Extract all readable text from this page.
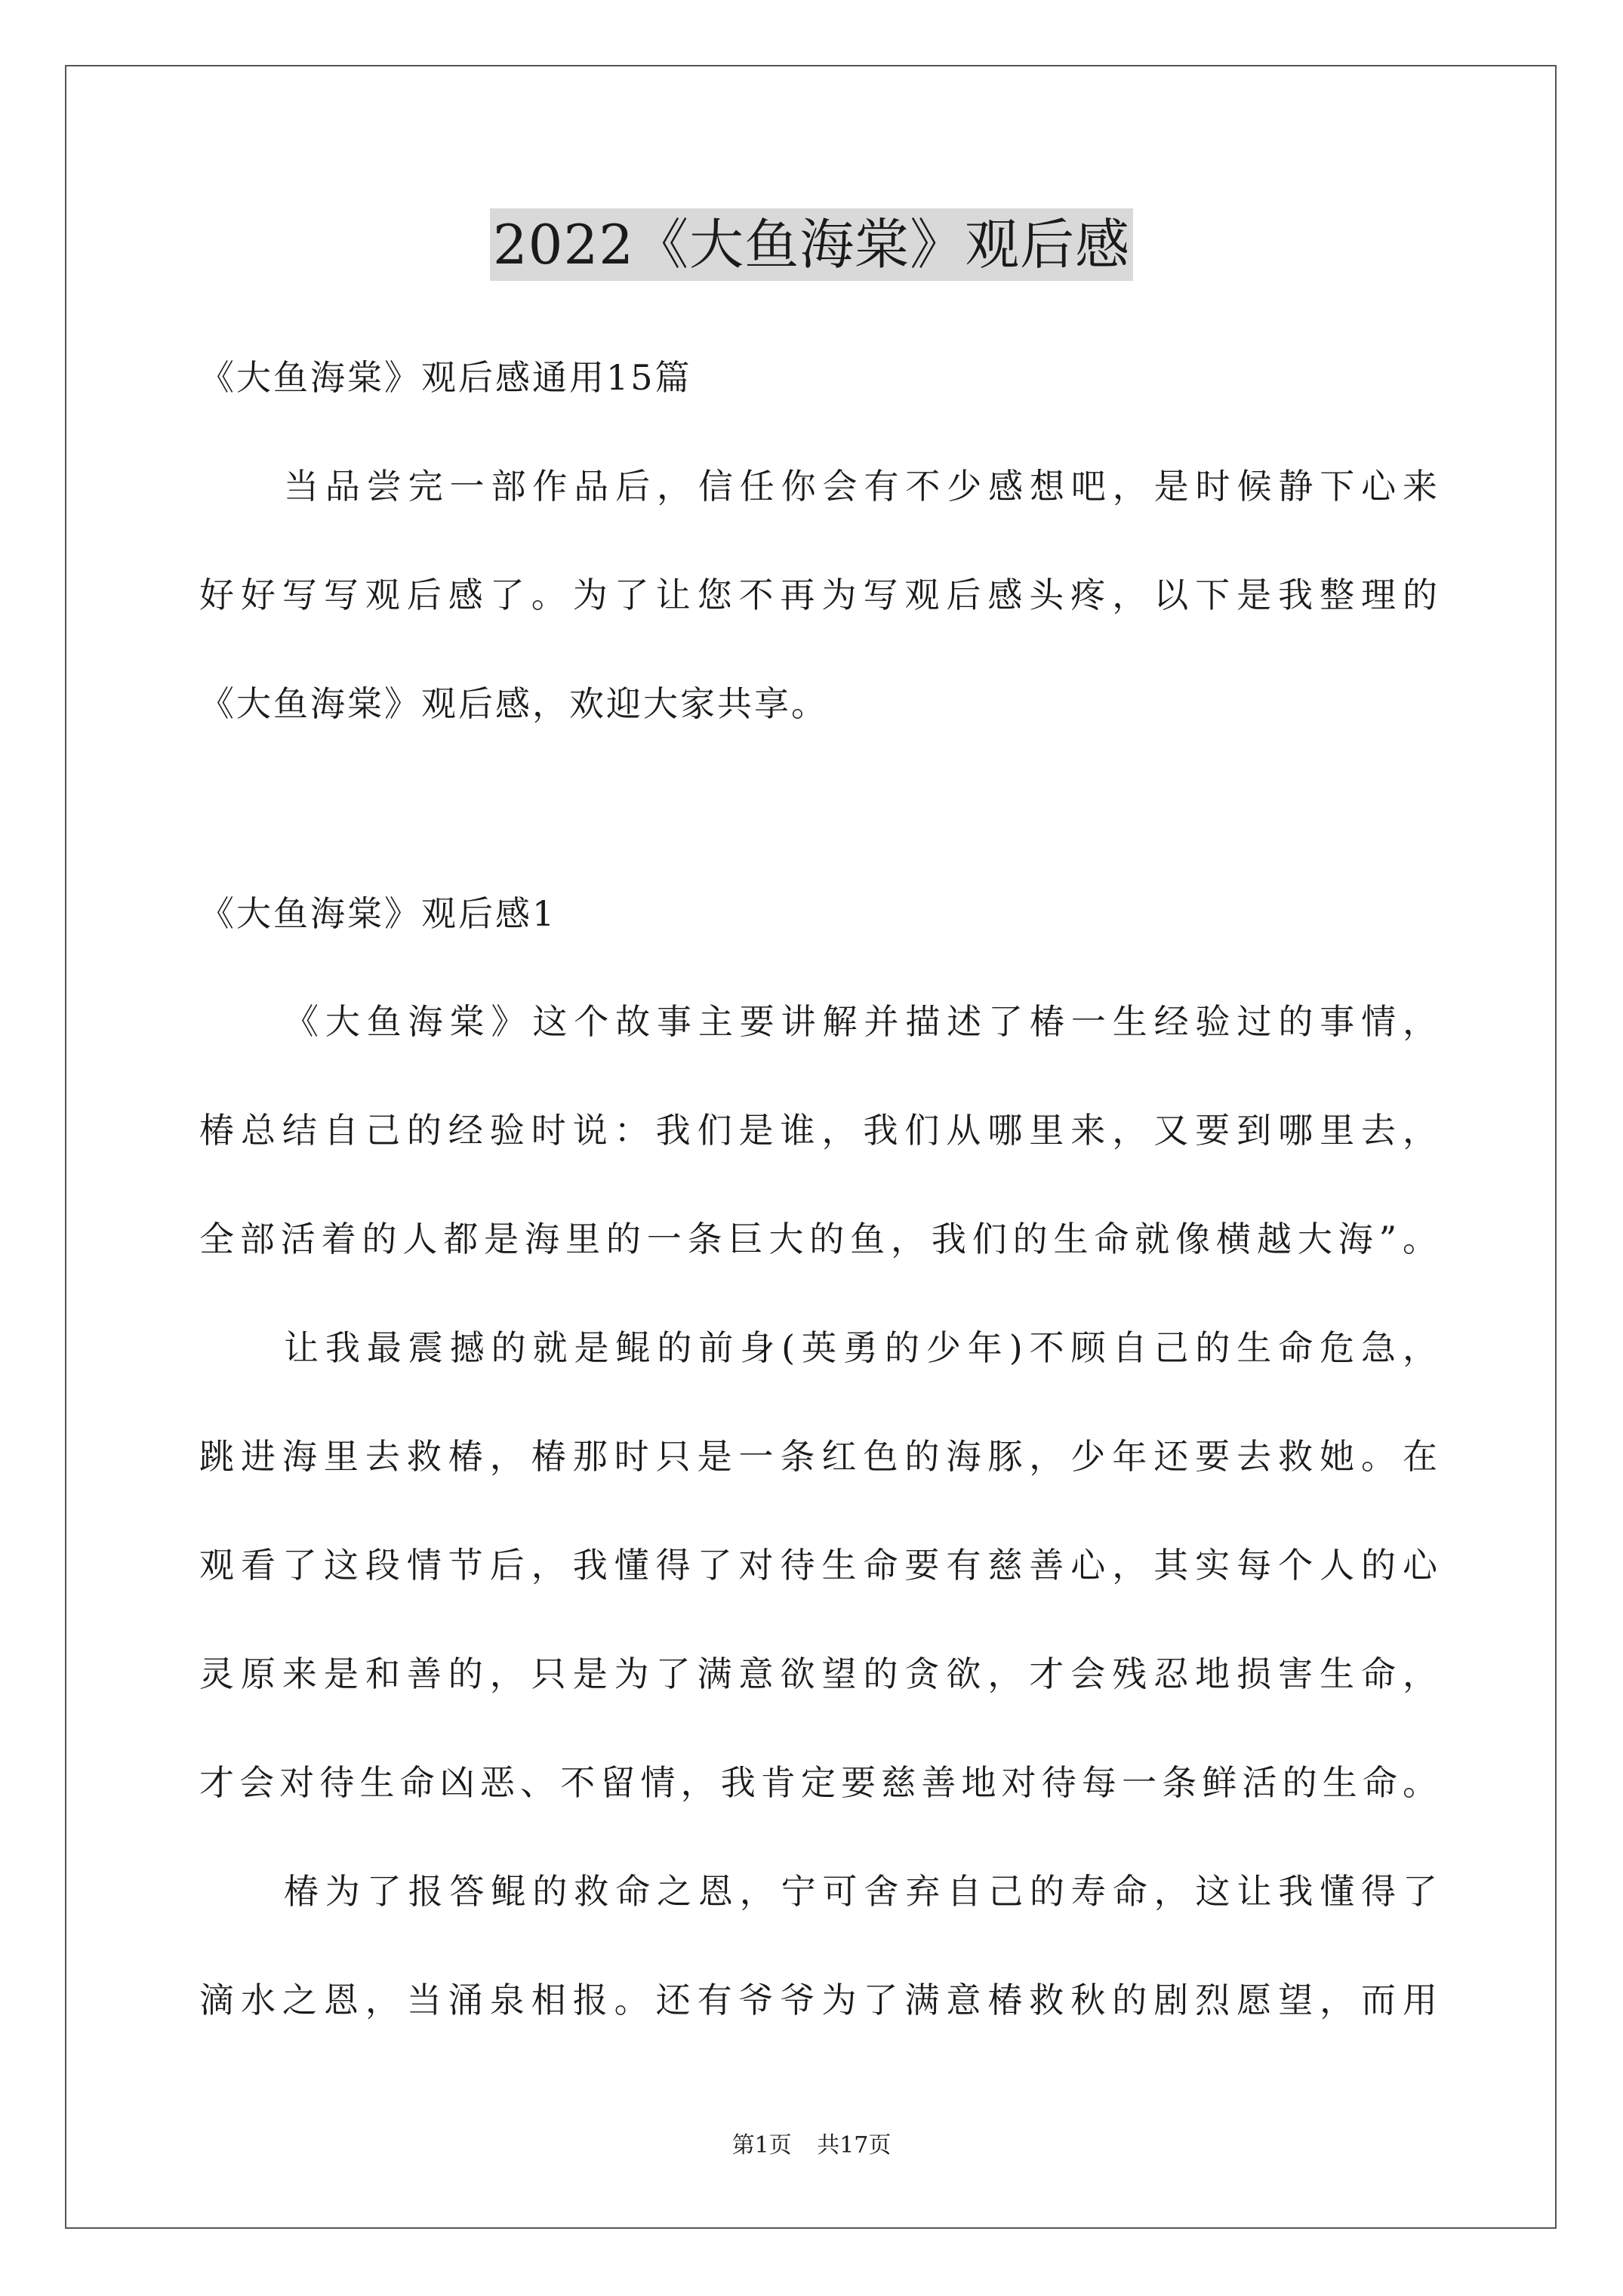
2022《大鱼海棠》观后感
《大鱼海棠》观后感通用15篇
当品尝完一部作品后，信任你会有不少感想吧，是时候静下心来
好好写写观后感了。为了让您不再为写观后感头疼，以下是我整理的
《大鱼海棠》观后感，欢迎大家共享。
《大鱼海棠》观后感1
《大鱼海棠》这个故事主要讲解并描述了椿一生经验过的事情，
椿总结自己的经验时说：我们是谁，我们从哪里来，又要到哪里去，
全部活着的人都是海里的一条巨大的鱼，我们的生命就像横越大海”。
让我最震撼的就是鲲的前身(英勇的少年)不顾自己的生命危急，
跳进海里去救椿，椿那时只是一条红色的海豚，少年还要去救她。在
观看了这段情节后，我懂得了对待生命要有慈善心，其实每个人的心
灵原来是和善的，只是为了满意欲望的贪欲，才会残忍地损害生命，
才会对待生命凶恶、不留情，我肯定要慈善地对待每一条鲜活的生命。
椿为了报答鲲的救命之恩，宁可舍弃自己的寿命，这让我懂得了
滴水之恩，当涌泉相报。还有爷爷为了满意椿救秋的剧烈愿望，而用
第1页 共17页
